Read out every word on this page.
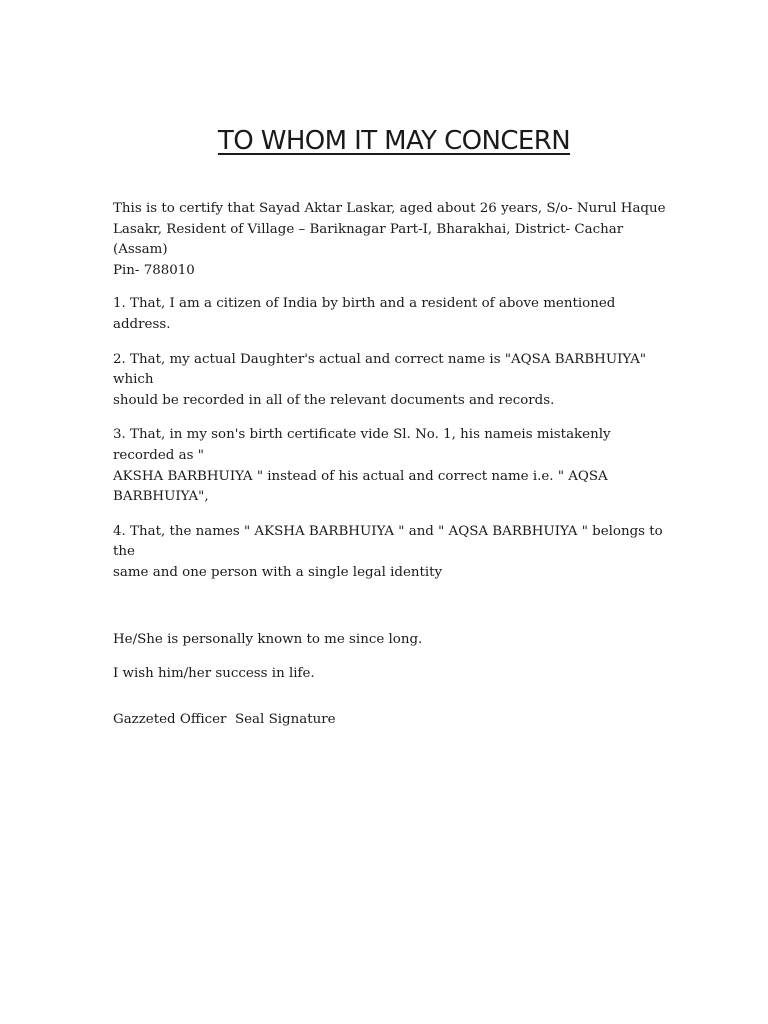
TO WHOM IT MAY CONCERN

This is to certify that Sayad Aktar Laskar, aged about 26 years, S/o- Nurul Haque
Lasakr, Resident of Village – Bariknagar Part-I, Bharakhai, District- Cachar (Assam)
Pin- 788010

1. That, I am a citizen of India by birth and a resident of above mentioned address.

2. That, my actual Daughter's actual and correct name is "AQSA BARBHUIYA" which
should be recorded in all of the relevant documents and records.

3. That, in my son's birth certificate vide Sl. No. 1, his nameis mistakenly recorded as "
AKSHA BARBHUIYA " instead of his actual and correct name i.e. " AQSA BARBHUIYA",

4. That, the names " AKSHA BARBHUIYA " and " AQSA BARBHUIYA " belongs to the
same and one person with a single legal identity

He/She is personally known to me since long.

I wish him/her success in life.

Gazzeted Officer  Seal Signature
